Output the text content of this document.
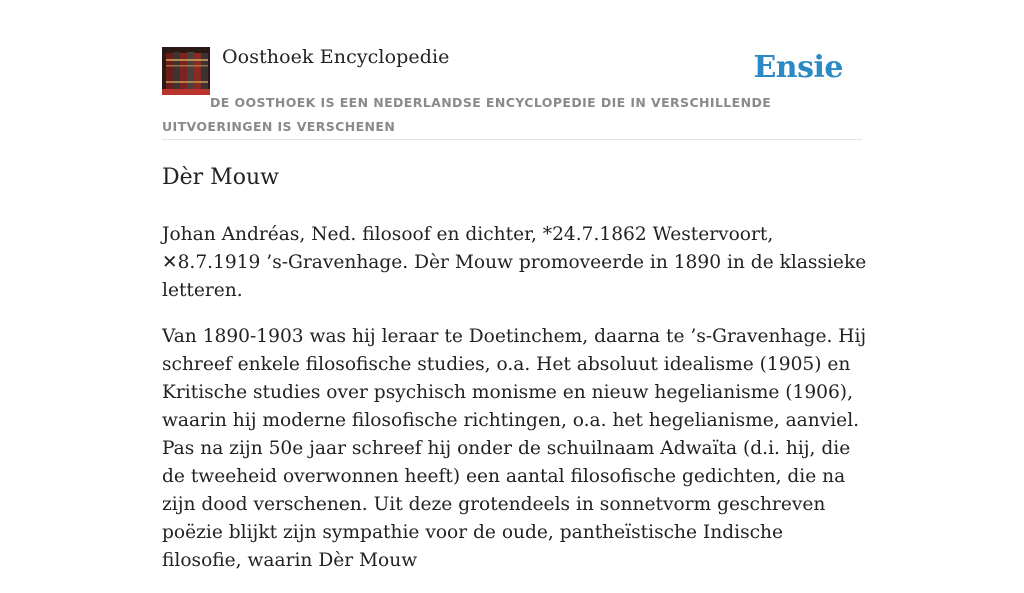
Oosthoek Encyclopedie	Ensie
DE OOSTHOEK IS EEN NEDERLANDSE ENCYCLOPEDIE DIE IN VERSCHILLENDE UITVOERINGEN IS VERSCHENEN
Dèr Mouw

Johan Andréas, Ned. filosoof en dichter, *24.7.1862 Westervoort, ✕8.7.1919 ’s-Gravenhage. Dèr Mouw promoveerde in 1890 in de klassieke letteren.

Van 1890-1903 was hij leraar te Doetinchem, daarna te ’s-Gravenhage. Hij schreef enkele filosofische studies, o.a. Het absoluut idealisme (1905) en Kritische studies over psychisch monisme en nieuw hegelianisme (1906), waarin hij moderne filosofische richtingen, o.a. het hegelianisme, aanviel. Pas na zijn 50e jaar schreef hij onder de schuilnaam Adwaïta (d.i. hij, die de tweeheid overwonnen heeft) een aantal filosofische gedichten, die na zijn dood verschenen. Uit deze grotendeels in sonnetvorm geschreven poëzie blijkt zijn sympathie voor de oude, pantheïstische Indische filosofie, waarin Dèr Mouw
